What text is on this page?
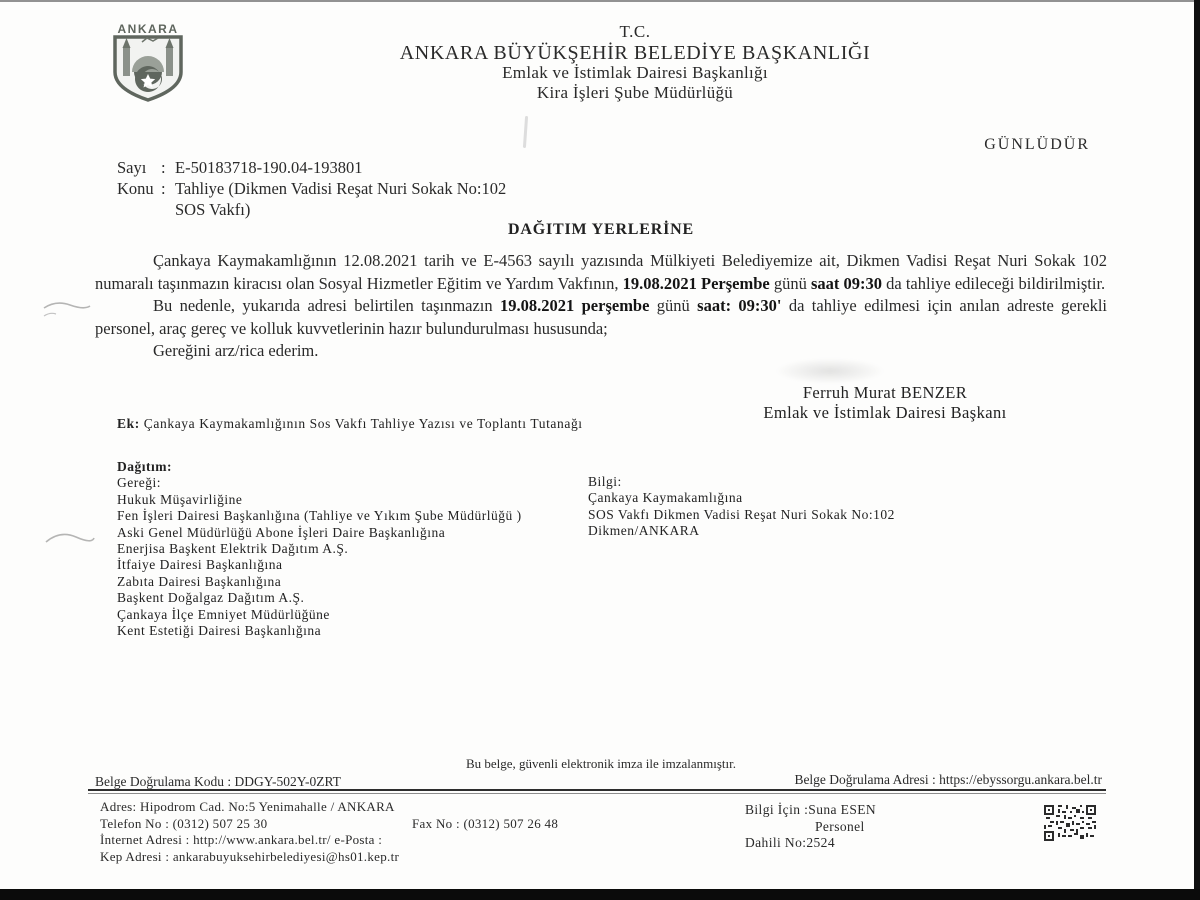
ANKARA	T.C.
ANKARA BÜYÜKŞEHİR BELEDİYE BAŞKANLIĞI
Emlak ve İstimlak Dairesi Başkanlığı
Kira İşleri Şube Müdürlüğü
GÜNLÜDÜR
Sayı : E-50183718-190.04-193801
Konu : Tahliye (Dikmen Vadisi Reşat Nuri Sokak No:102
SOS Vakfı)
DAĞITIM YERLERİNE

Çankaya Kaymakamlığının 12.08.2021 tarih ve E-4563 sayılı yazısında Mülkiyeti Belediyemize ait, Dikmen Vadisi Reşat Nuri Sokak 102 numaralı taşınmazın kiracısı olan Sosyal Hizmetler Eğitim ve Yardım Vakfının, 19.08.2021 Perşembe günü saat 09:30 da tahliye edileceği bildirilmiştir.

Bu nedenle, yukarıda adresi belirtilen taşınmazın 19.08.2021 perşembe günü saat: 09:30' da tahliye edilmesi için anılan adreste gerekli personel, araç gereç ve kolluk kuvvetlerinin hazır bulundurulması hususunda;

Gereğini arz/rica ederim.

Ferruh Murat BENZER
Emlak ve İstimlak Dairesi Başkanı
Ek: Çankaya Kaymakamlığının Sos Vakfı Tahliye Yazısı ve Toplantı Tutanağı
Dağıtım:
Gereği:
Hukuk Müşavirliğine
Fen İşleri Dairesi Başkanlığına (Tahliye ve Yıkım Şube Müdürlüğü )
Aski Genel Müdürlüğü Abone İşleri Daire Başkanlığına
Enerjisa Başkent Elektrik Dağıtım A.Ş.
İtfaiye Dairesi Başkanlığına
Zabıta Dairesi Başkanlığına
Başkent Doğalgaz Dağıtım A.Ş.
Çankaya İlçe Emniyet Müdürlüğüne
Kent Estetiği Dairesi Başkanlığına
Bilgi:
Çankaya Kaymakamlığına
SOS Vakfı Dikmen Vadisi Reşat Nuri Sokak No:102
Dikmen/ANKARA
Bu belge, güvenli elektronik imza ile imzalanmıştır.
Belge Doğrulama Kodu : DDGY-502Y-0ZRT	Belge Doğrulama Adresi : https://ebyssorgu.ankara.bel.tr
Adres: Hipodrom Cad. No:5 Yenimahalle / ANKARA
Telefon No : (0312) 507 25 30	Fax No : (0312) 507 26 48
İnternet Adresi : http://www.ankara.bel.tr/ e-Posta :
Kep Adresi : ankarabuyuksehirbelediyesi@hs01.kep.tr
Bilgi İçin :Suna ESEN
Personel
Dahili No:2524
